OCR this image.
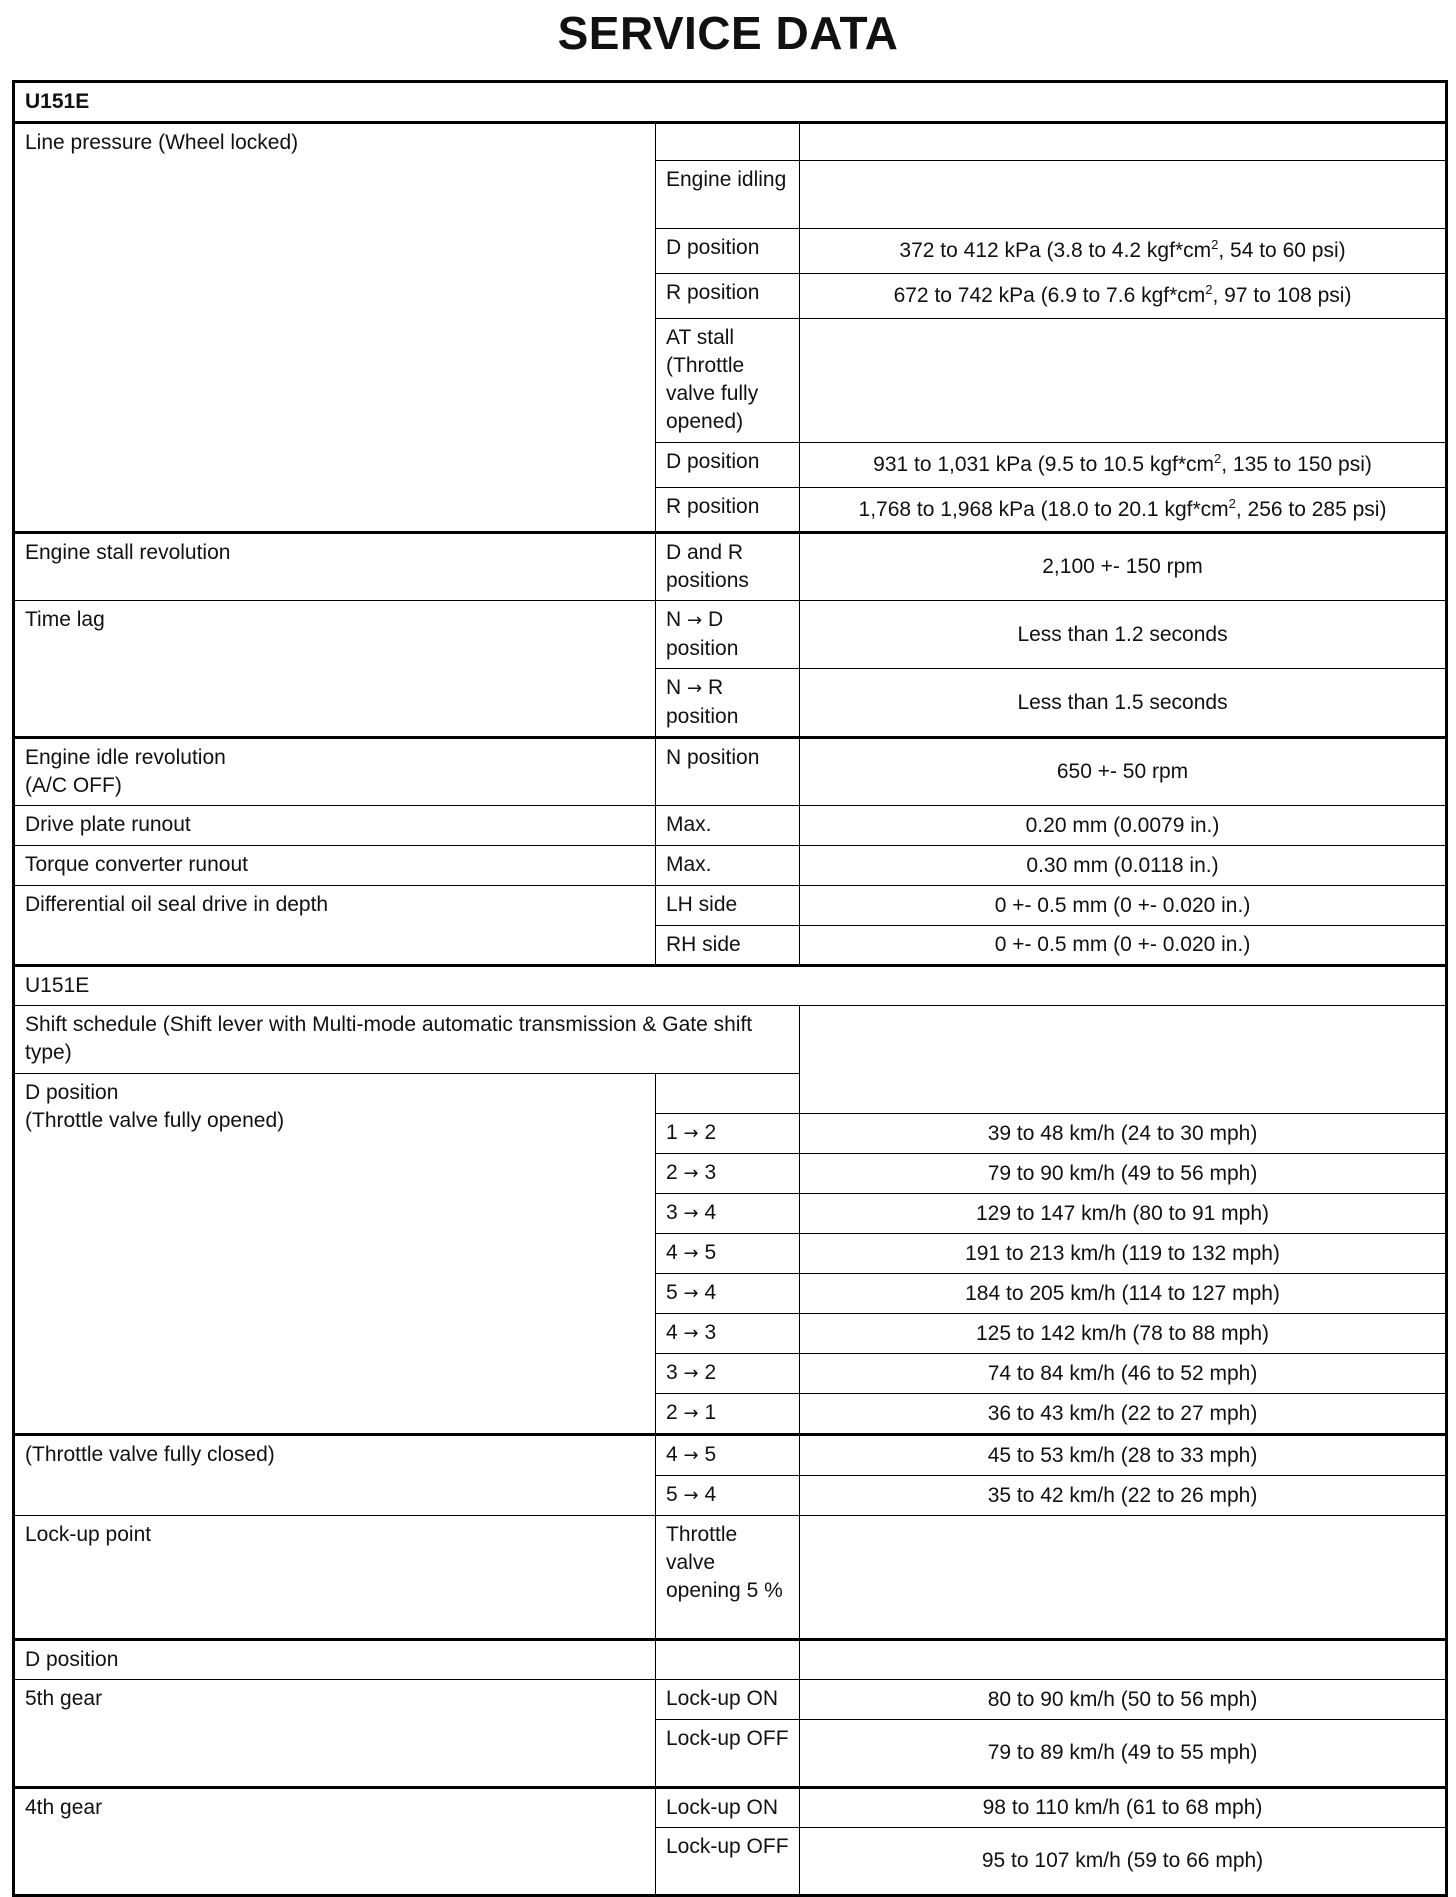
SERVICE DATA
U151E		
Line pressure (Wheel locked)		
	Engine idling	
	D position	372 to 412 kPa (3.8 to 4.2 $kgf*cm^2$, 54 to 60 psi)
	R position	672 to 742 kPa (6.9 to 7.6 $kgf*cm^2$, 97 to 108 psi)
	AT stall (Throttle valve fully opened)	
	D position	931 to 1,031 kPa (9.5 to 10.5 $kgf*cm^2$, 135 to 150 psi)
	R position	1,768 to 1,968 kPa (18.0 to 20.1 $kgf*cm^2$, 256 to 285 psi)
Engine stall revolution	D and R positions	2,100 +- 150 rpm
Time lag	N → D position	Less than 1.2 seconds
	N → R position	Less than 1.5 seconds
Engine idle revolution
(A/C OFF)	N position	650 +- 50 rpm
Drive plate runout	Max.	0.20 mm (0.0079 in.)
Torque converter runout	Max.	0.30 mm (0.0118 in.)
Differential oil seal drive in depth	LH side	0 +- 0.5 mm (0 +- 0.020 in.)
	RH side	0 +- 0.5 mm (0 +- 0.020 in.)
U151E		
Shift schedule (Shift lever with Multi-mode automatic transmission & Gate shift type)		
D position
(Throttle valve fully opened)		
	1 → 2	39 to 48 km/h (24 to 30 mph)
	2 → 3	79 to 90 km/h (49 to 56 mph)
	3 → 4	129 to 147 km/h (80 to 91 mph)
	4 → 5	191 to 213 km/h (119 to 132 mph)
	5 → 4	184 to 205 km/h (114 to 127 mph)
	4 → 3	125 to 142 km/h (78 to 88 mph)
	3 → 2	74 to 84 km/h (46 to 52 mph)
	2 → 1	36 to 43 km/h (22 to 27 mph)
(Throttle valve fully closed)	4 → 5	45 to 53 km/h (28 to 33 mph)
	5 → 4	35 to 42 km/h (22 to 26 mph)
Lock-up point	Throttle valve opening 5 %	
D position		
5th gear	Lock-up ON	80 to 90 km/h (50 to 56 mph)
	Lock-up OFF	79 to 89 km/h (49 to 55 mph)
4th gear	Lock-up ON	98 to 110 km/h (61 to 68 mph)
	Lock-up OFF	95 to 107 km/h (59 to 66 mph)
